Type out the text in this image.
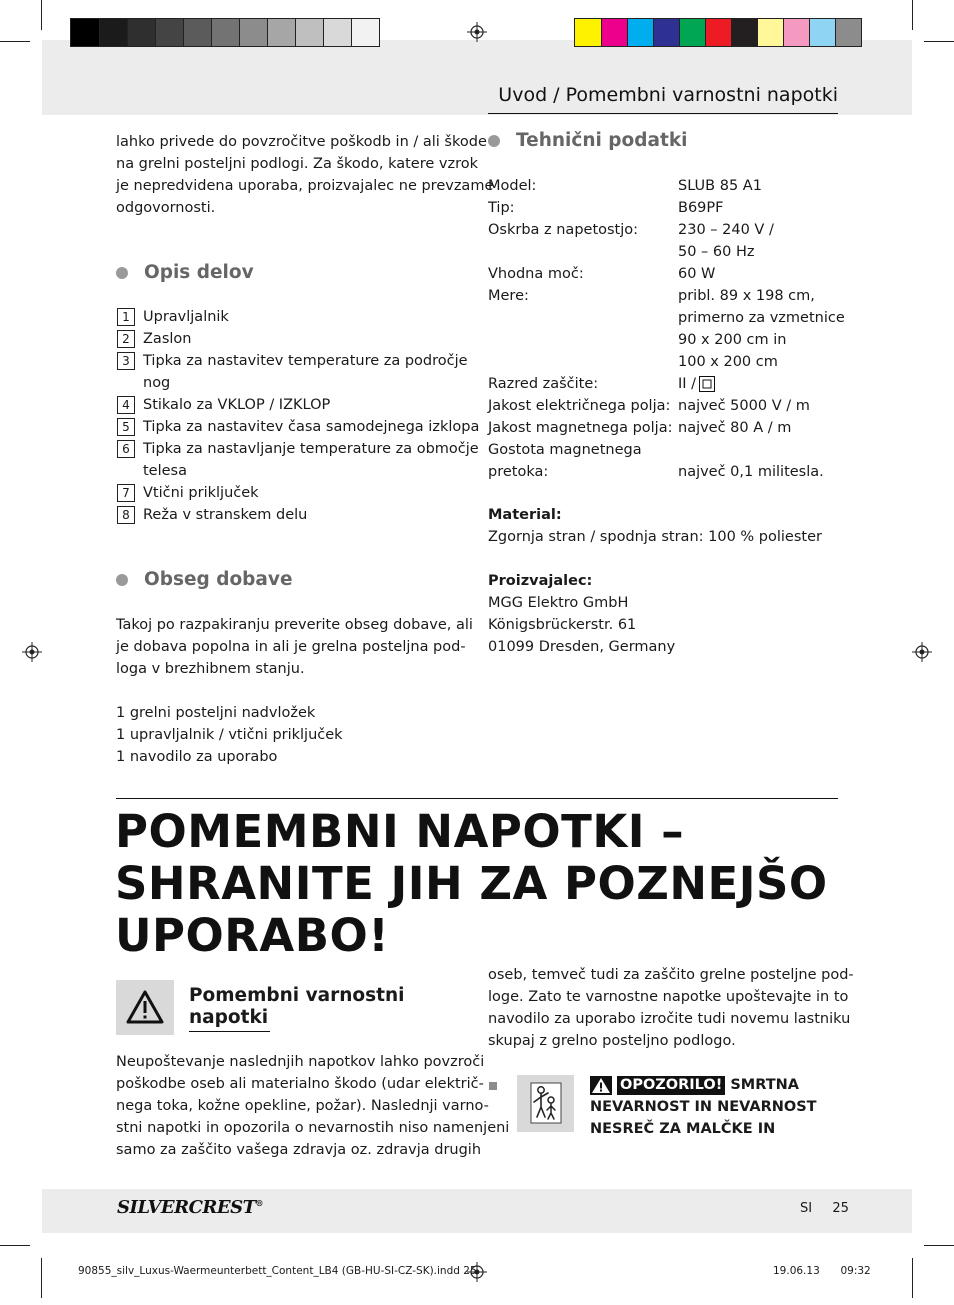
Uvod / Pomembni varnostni napotki
lahko privede do povzročitve poškodb in / ali škode
na grelni posteljni podlogi. Za škodo, katere vzrok
je nepredvidena uporaba, proizvajalec ne prevzame
odgovornosti.
Opis delov
1 Upravljalnik
2 Zaslon
3 Tipka za nastavitev temperature za področje
nog
4 Stikalo za VKLOP / IZKLOP
5 Tipka za nastavitev časa samodejnega izklopa
6 Tipka za nastavljanje temperature za območje
telesa
7 Vtični priključek
8 Reža v stranskem delu
Obseg dobave
Takoj po razpakiranju preverite obseg dobave, ali
je dobava popolna in ali je grelna posteljna pod-
loga v brezhibnem stanju.
1 grelni posteljni nadvložek
1 upravljalnik / vtični priključek
1 navodilo za uporabo
Tehnični podatki
Model:	SLUB 85 A1
Tip:	B69PF
Oskrba z napetostjo:	230 – 240 V /
50 – 60 Hz
Vhodna moč:	60 W
Mere:	pribl. 89 x 198 cm,
primerno za vzmetnice
90 x 200 cm in
100 x 200 cm
Razred zaščite:	II /
Jakost električnega polja: največ 5000 V / m
Jakost magnetnega polja: največ 80 A / m
Gostota magnetnega
pretoka:	največ 0,1 militesla.
Material:
Zgornja stran / spodnja stran: 100 % poliester
Proizvajalec:
MGG Elektro GmbH
Königsbrückerstr. 61
01099 Dresden, Germany
POMEMBNI NAPOTKI –
SHRANITE JIH ZA POZNEJŠO
UPORABO!
Pomembni varnostni
napotki
Neupoštevanje naslednjih napotkov lahko povzroči
poškodbe oseb ali materialno škodo (udar električ-
nega toka, kožne opekline, požar). Naslednji varno-
stni napotki in opozorila o nevarnostih niso namenjeni
samo za zaščito vašega zdravja oz. zdravja drugih
oseb, temveč tudi za zaščito grelne posteljne pod-
loge. Zato te varnostne napotke upoštevajte in to
navodilo za uporabo izročite tudi novemu lastniku
skupaj z grelno posteljno podlogo.
OPOZORILO! SMRTNA
NEVARNOST IN NEVARNOST
NESREČ ZA MALČKE IN
SILVERCREST®	SI 25
90855_silv_Luxus-Waermeunterbett_Content_LB4 (GB-HU-SI-CZ-SK).indd 25	19.06.13 09:32
